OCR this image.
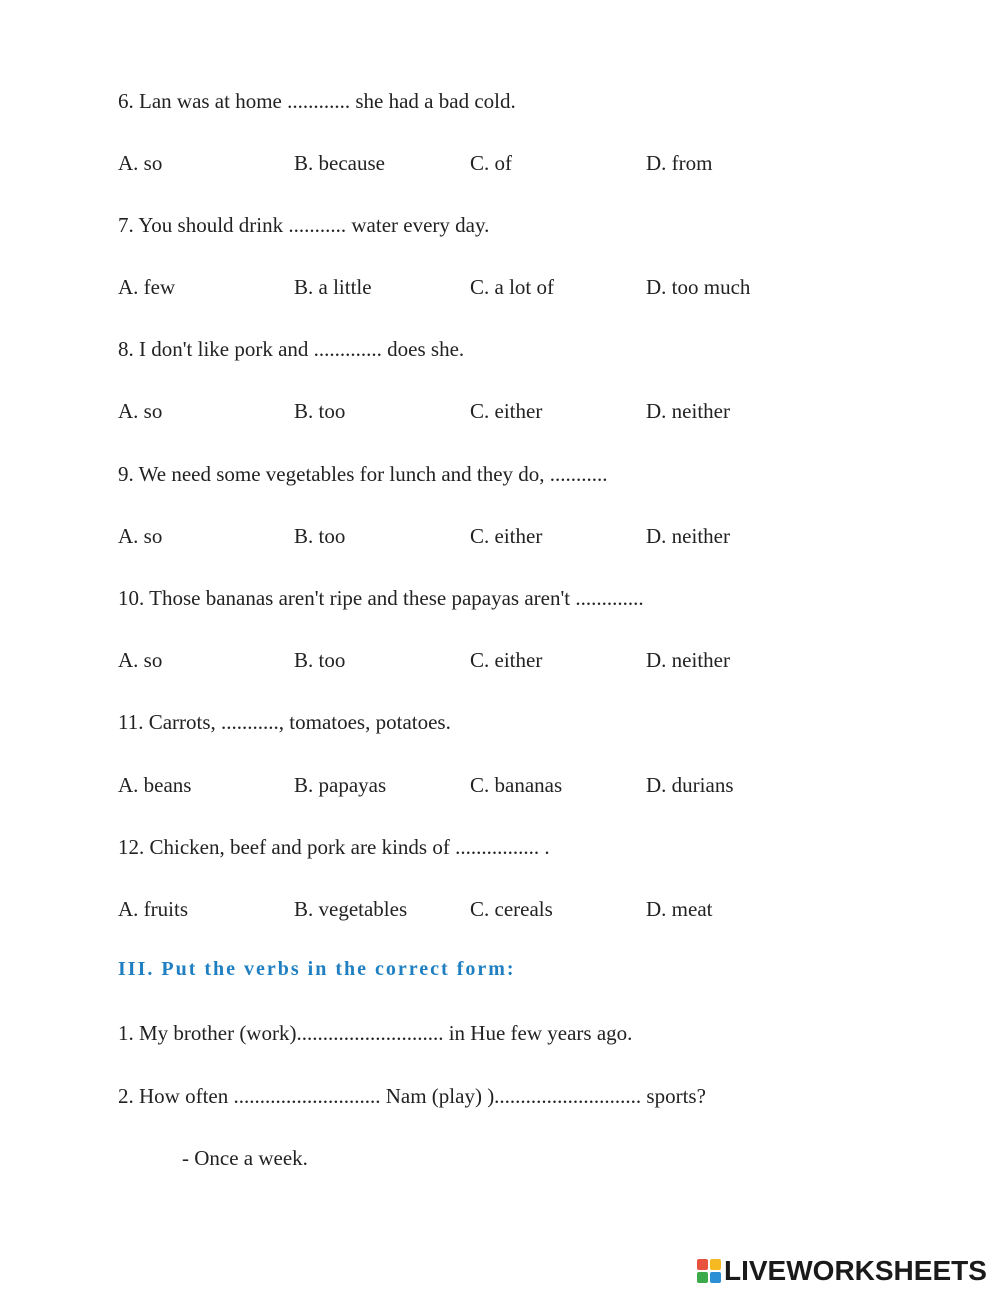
6. Lan was at home ............ she had a bad cold.
A. so	B. because	C. of	D. from
7. You should drink ........... water every day.
A. few	B. a little	C. a lot of	D. too much
8. I don't like pork and ............. does she.
A. so	B. too	C. either	D. neither
9. We need some vegetables for lunch and they do, ...........
A. so	B. too	C. either	D. neither
10. Those bananas aren't ripe and these papayas aren't .............
A. so	B. too	C. either	D. neither
11. Carrots, ..........., tomatoes, potatoes.
A. beans	B. papayas	C. bananas	D. durians
12. Chicken, beef and pork are kinds of ................ .
A. fruits	B. vegetables	C. cereals	D. meat
III. Put the verbs in the correct form:
1. My brother (work)............................ in Hue few years ago.
2. How often ............................ Nam (play) )............................ sports?
- Once a week.
LIVEWORKSHEETS
